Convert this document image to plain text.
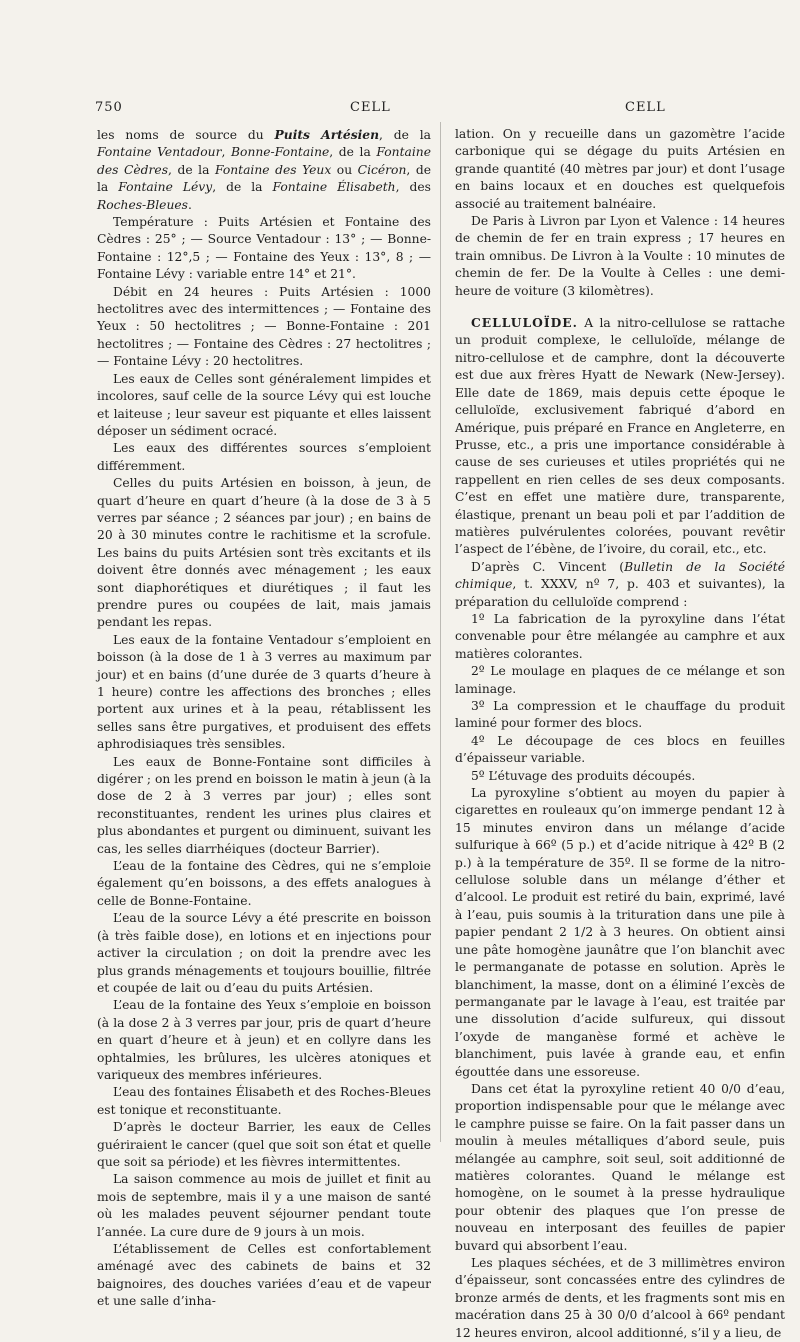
750	CELL	CELL

les noms de source du Puits Artésien, de la Fontaine Ventadour, Bonne-Fontaine, de la Fontaine des Cèdres, de la Fontaine des Yeux ou Cicéron, de la Fontaine Lévy, de la Fontaine Élisabeth, des Roches-Bleues.

Température : Puits Artésien et Fontaine des Cèdres : 25° ; — Source Ventadour : 13° ; — Bonne-Fontaine : 12°,5 ; — Fontaine des Yeux : 13°, 8 ; — Fontaine Lévy : variable entre 14° et 21°.

Débit en 24 heures : Puits Artésien : 1000 hectolitres avec des intermittences ; — Fontaine des Yeux : 50 hectolitres ; — Bonne-Fontaine : 201 hectolitres ; — Fontaine des Cèdres : 27 hectolitres ; — Fontaine Lévy : 20 hectolitres.

Les eaux de Celles sont généralement limpides et incolores, sauf celle de la source Lévy qui est louche et laiteuse ; leur saveur est piquante et elles laissent déposer un sédiment ocracé.

Les eaux des différentes sources s’emploient différemment.

Celles du puits Artésien en boisson, à jeun, de quart d’heure en quart d’heure (à la dose de 3 à 5 verres par séance ; 2 séances par jour) ; en bains de 20 à 30 minutes contre le rachitisme et la scrofule. Les bains du puits Artésien sont très excitants et ils doivent être donnés avec ménagement ; les eaux sont diaphorétiques et diurétiques ; il faut les prendre pures ou coupées de lait, mais jamais pendant les repas.

Les eaux de la fontaine Ventadour s’emploient en boisson (à la dose de 1 à 3 verres au maximum par jour) et en bains (d’une durée de 3 quarts d’heure à 1 heure) contre les affections des bronches ; elles portent aux urines et à la peau, rétablissent les selles sans être purgatives, et produisent des effets aphrodisiaques très sensibles.

Les eaux de Bonne-Fontaine sont difficiles à digérer ; on les prend en boisson le matin à jeun (à la dose de 2 à 3 verres par jour) ; elles sont reconstituantes, rendent les urines plus claires et plus abondantes et purgent ou diminuent, suivant les cas, les selles diarrhéiques (docteur Barrier).

L’eau de la fontaine des Cèdres, qui ne s’emploie également qu’en boissons, a des effets analogues à celle de Bonne-Fontaine.

L’eau de la source Lévy a été prescrite en boisson (à très faible dose), en lotions et en injections pour activer la circulation ; on doit la prendre avec les plus grands ménagements et toujours bouillie, filtrée et coupée de lait ou d’eau du puits Artésien.

L’eau de la fontaine des Yeux s’emploie en boisson (à la dose 2 à 3 verres par jour, pris de quart d’heure en quart d’heure et à jeun) et en collyre dans les ophtalmies, les brûlures, les ulcères atoniques et variqueux des membres inférieures.

L’eau des fontaines Élisabeth et des Roches-Bleues est tonique et reconstituante.

D’après le docteur Barrier, les eaux de Celles guériraient le cancer (quel que soit son état et quelle que soit sa période) et les fièvres intermittentes.

La saison commence au mois de juillet et finit au mois de septembre, mais il y a une maison de santé où les malades peuvent séjourner pendant toute l’année. La cure dure de 9 jours à un mois.

L’établissement de Celles est confortablement aménagé avec des cabinets de bains et 32 baignoires, des douches variées d’eau et de vapeur et une salle d’inha-

lation. On y recueille dans un gazomètre l’acide carbonique qui se dégage du puits Artésien en grande quantité (40 mètres par jour) et dont l’usage en bains locaux et en douches est quelquefois associé au traitement balnéaire.

De Paris à Livron par Lyon et Valence : 14 heures de chemin de fer en train express ; 17 heures en train omnibus. De Livron à la Voulte : 10 minutes de chemin de fer. De la Voulte à Celles : une demi-heure de voiture (3 kilomètres).

CELLULOÏDE. A la nitro-cellulose se rattache un produit complexe, le celluloïde, mélange de nitro-cellulose et de camphre, dont la découverte est due aux frères Hyatt de Newark (New-Jersey). Elle date de 1869, mais depuis cette époque le celluloïde, exclusivement fabriqué d’abord en Amérique, puis préparé en France en Angleterre, en Prusse, etc., a pris une importance considérable à cause de ses curieuses et utiles propriétés qui ne rappellent en rien celles de ses deux composants. C’est en effet une matière dure, transparente, élastique, prenant un beau poli et par l’addition de matières pulvérulentes colorées, pouvant revêtir l’aspect de l’ébène, de l’ivoire, du corail, etc., etc.

D’après C. Vincent (Bulletin de la Société chimique, t. XXXV, nº 7, p. 403 et suivantes), la préparation du celluloïde comprend :

1º La fabrication de la pyroxyline dans l’état convenable pour être mélangée au camphre et aux matières colorantes.

2º Le moulage en plaques de ce mélange et son laminage.

3º La compression et le chauffage du produit laminé pour former des blocs.

4º Le découpage de ces blocs en feuilles d’épaisseur variable.

5º L’étuvage des produits découpés.

La pyroxyline s’obtient au moyen du papier à cigarettes en rouleaux qu’on immerge pendant 12 à 15 minutes environ dans un mélange d’acide sulfurique à 66º (5 p.) et d’acide nitrique à 42º B (2 p.) à la température de 35º. Il se forme de la nitro-cellulose soluble dans un mélange d’éther et d’alcool. Le produit est retiré du bain, exprimé, lavé à l’eau, puis soumis à la trituration dans une pile à papier pendant 2 1/2 à 3 heures. On obtient ainsi une pâte homogène jaunâtre que l’on blanchit avec le permanganate de potasse en solution. Après le blanchiment, la masse, dont on a éliminé l’excès de permanganate par le lavage à l’eau, est traitée par une dissolution d’acide sulfureux, qui dissout l’oxyde de manganèse formé et achève le blanchiment, puis lavée à grande eau, et enfin égouttée dans une essoreuse.

Dans cet état la pyroxyline retient 40 0/0 d’eau, proportion indispensable pour que le mélange avec le camphre puisse se faire. On la fait passer dans un moulin à meules métalliques d’abord seule, puis mélangée au camphre, soit seul, soit additionné de matières colorantes. Quand le mélange est homogène, on le soumet à la presse hydraulique pour obtenir des plaques que l’on presse de nouveau en interposant des feuilles de papier buvard qui absorbent l’eau.

Les plaques séchées, et de 3 millimètres environ d’épaisseur, sont concassées entre des cylindres de bronze armés de dents, et les fragments sont mis en macération dans 25 à 30 0/0 d’alcool à 66º pendant 12 heures environ, alcool additionné, s’il y a lieu, de
